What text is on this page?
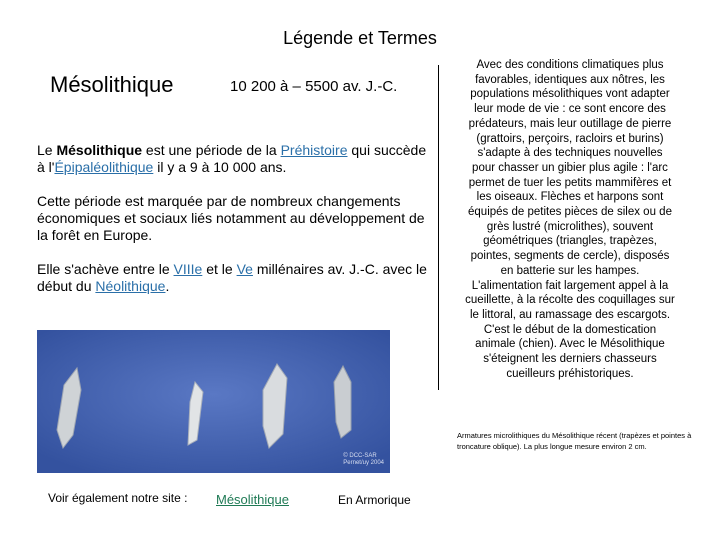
Légende et Termes
Mésolithique	10 200 à – 5500 av. J.-C.
Le Mésolithique est une période de la Préhistoire qui succède à l'Épipaléolithique il y a 9 à 10 000 ans.
Cette période est marquée par de nombreux changements économiques et sociaux liés notamment au développement de la forêt en Europe.
Elle s'achève entre le VIIIe et le Ve millénaires av. J.-C. avec le début du Néolithique.
Avec des conditions climatiques plus favorables, identiques aux nôtres, les populations mésolithiques vont adapter leur mode de vie : ce sont encore des prédateurs, mais leur outillage de pierre (grattoirs, perçoirs, racloirs et burins) s'adapte à des techniques nouvelles pour chasser un gibier plus agile : l'arc permet de tuer les petits mammifères et les oiseaux. Flèches et harpons sont équipés de petites pièces de silex ou de grès lustré (microlithes), souvent géométriques (triangles, trapèzes, pointes, segments de cercle), disposés en batterie sur les hampes. L'alimentation fait largement appel à la cueillette, à la récolte des coquillages sur le littoral, au ramassage des escargots. C'est le début de la domestication animale (chien). Avec le Mésolithique s'éteignent les derniers chasseurs cueilleurs préhistoriques.
© DCC-SAR
Pernet/uy 2004
Armatures microlithiques du Mésolithique récent (trapèzes et pointes à troncature oblique). La plus longue mesure environ 2 cm.
Voir également notre site : Mésolithique	En Armorique
